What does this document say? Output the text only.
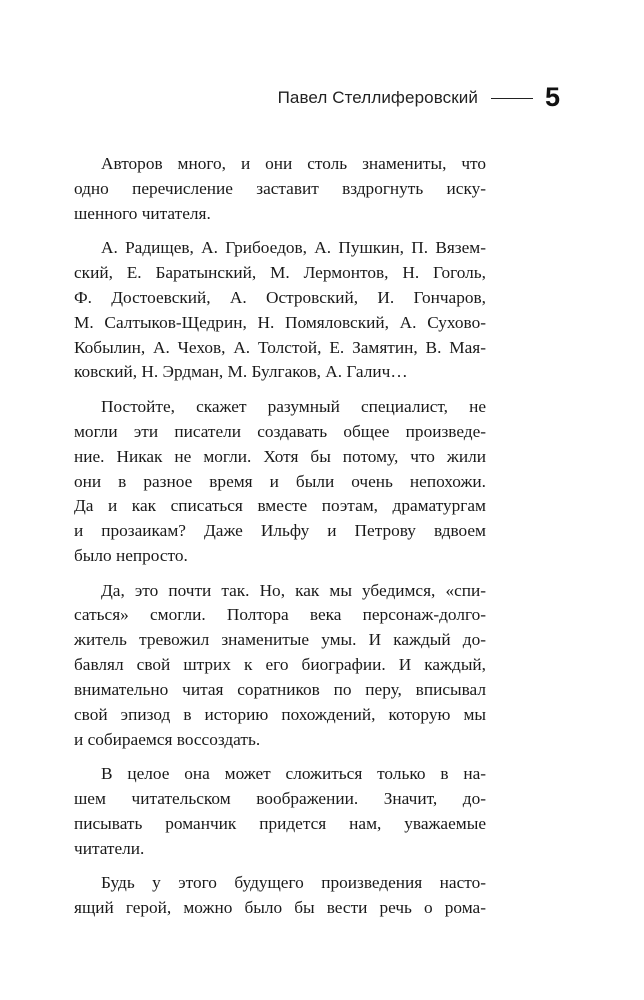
Павел Стеллиферовский 5
Авторов много, и они столь знамениты, что
одно перечисление заставит вздрогнуть иску-
шенного читателя.
А. Радищев, А. Грибоедов, А. Пушкин, П. Вязем-
ский, Е. Баратынский, М. Лермонтов, Н. Гоголь,
Ф. Достоевский, А. Островский, И. Гончаров,
М. Салтыков-Щедрин, Н. Помяловский, А. Сухово-
Кобылин, А. Чехов, А. Толстой, Е. Замятин, В. Мая-
ковский, Н. Эрдман, М. Булгаков, А. Галич…
Постойте, скажет разумный специалист, не
могли эти писатели создавать общее произведе-
ние. Никак не могли. Хотя бы потому, что жили
они в разное время и были очень непохожи.
Да и как списаться вместе поэтам, драматургам
и прозаикам? Даже Ильфу и Петрову вдвоем
было непросто.
Да, это почти так. Но, как мы убедимся, «спи-
саться» смогли. Полтора века персонаж-долго-
житель тревожил знаменитые умы. И каждый до-
бавлял свой штрих к его биографии. И каждый,
внимательно читая соратников по перу, вписывал
свой эпизод в историю похождений, которую мы
и собираемся воссоздать.
В целое она может сложиться только в на-
шем читательском воображении. Значит, до-
писывать романчик придется нам, уважаемые
читатели.
Будь у этого будущего произведения насто-
ящий герой, можно было бы вести речь о рома-
